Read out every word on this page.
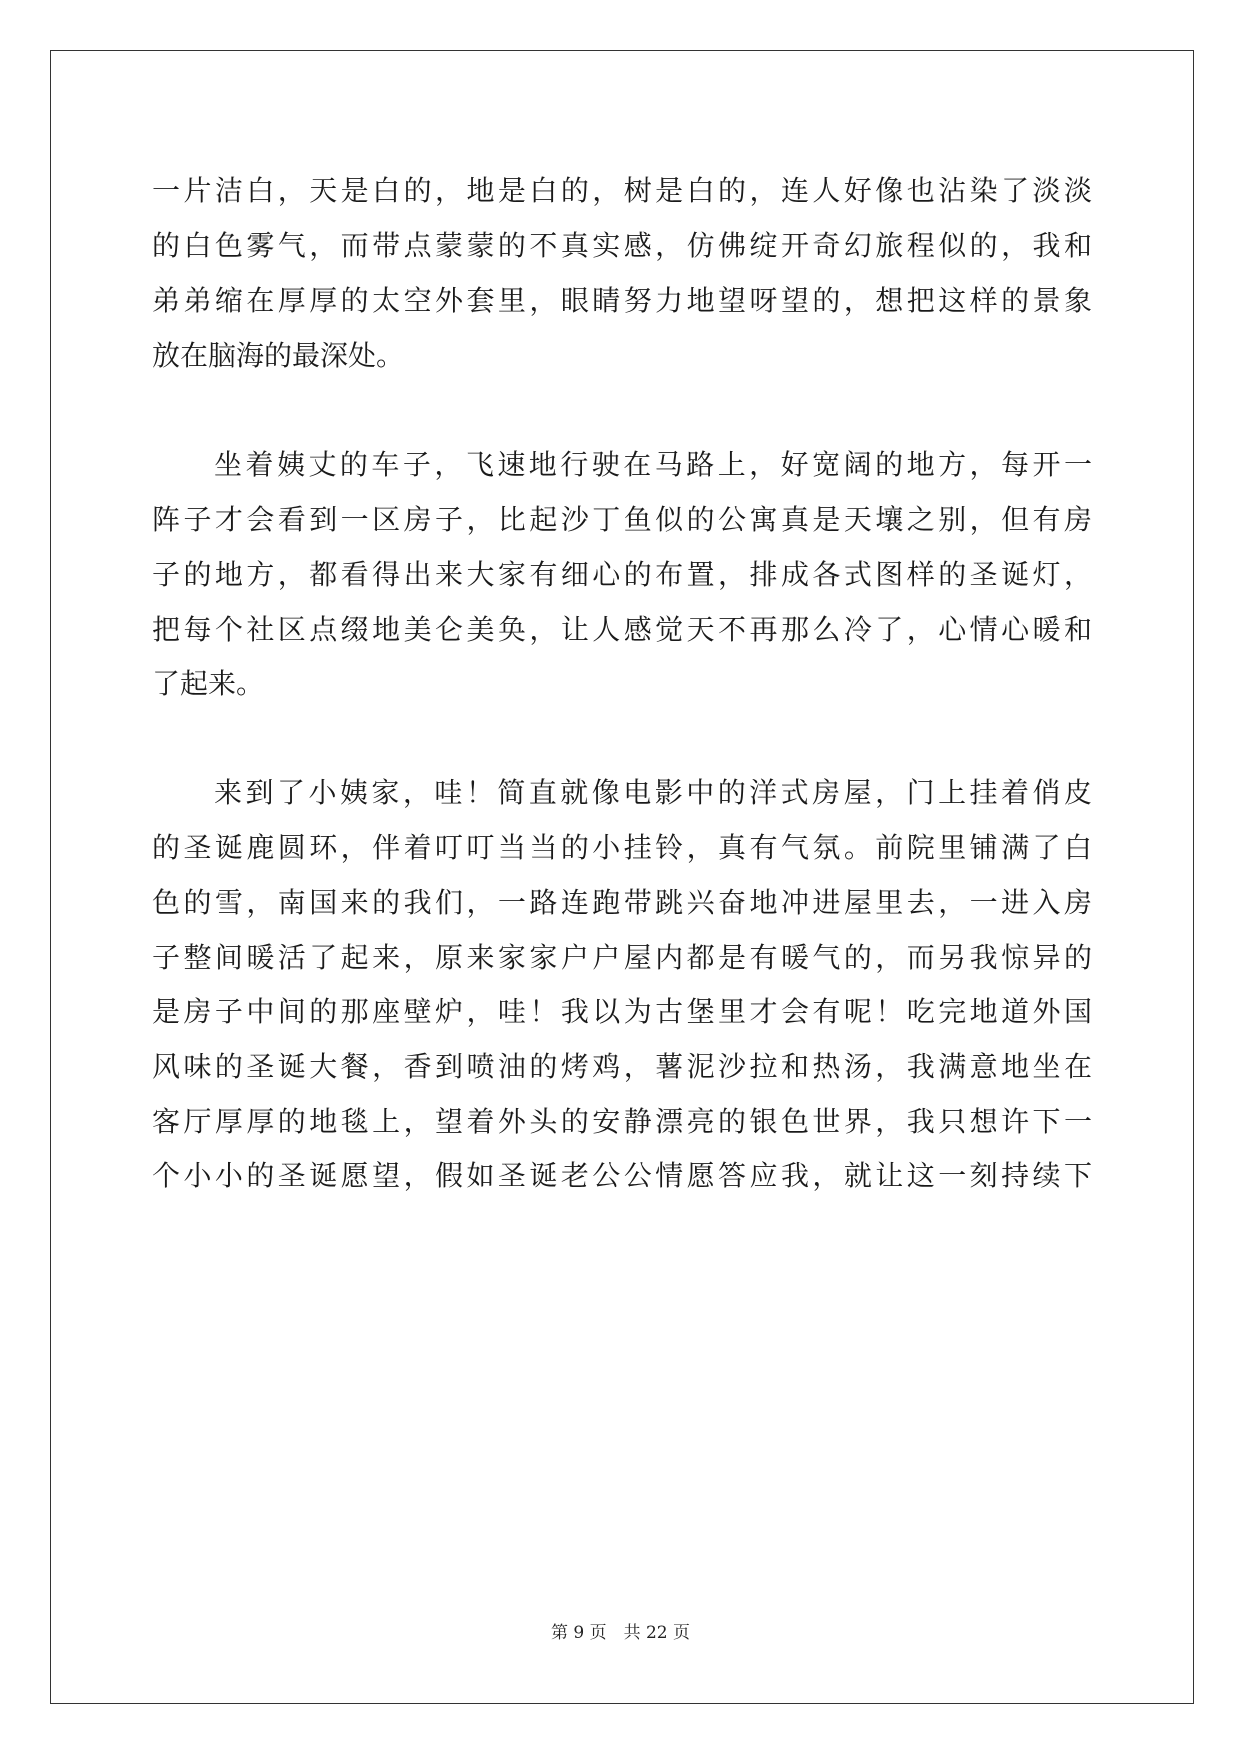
一片洁白，天是白的，地是白的，树是白的，连人好像也沾染了淡淡
的白色雾气，而带点蒙蒙的不真实感，仿佛绽开奇幻旅程似的，我和
弟弟缩在厚厚的太空外套里，眼睛努力地望呀望的，想把这样的景象
放在脑海的最深处。
坐着姨丈的车子，飞速地行驶在马路上，好宽阔的地方，每开一
阵子才会看到一区房子，比起沙丁鱼似的公寓真是天壤之别，但有房
子的地方，都看得出来大家有细心的布置，排成各式图样的圣诞灯，
把每个社区点缀地美仑美奂，让人感觉天不再那么冷了，心情心暖和
了起来。
来到了小姨家，哇！简直就像电影中的洋式房屋，门上挂着俏皮
的圣诞鹿圆环，伴着叮叮当当的小挂铃，真有气氛。前院里铺满了白
色的雪，南国来的我们，一路连跑带跳兴奋地冲进屋里去，一进入房
子整间暖活了起来，原来家家户户屋内都是有暖气的，而另我惊异的
是房子中间的那座壁炉，哇！我以为古堡里才会有呢！吃完地道外国
风味的圣诞大餐，香到喷油的烤鸡，薯泥沙拉和热汤，我满意地坐在
客厅厚厚的地毯上，望着外头的安静漂亮的银色世界，我只想许下一
个小小的圣诞愿望，假如圣诞老公公情愿答应我，就让这一刻持续下
第 9 页　共 22 页
